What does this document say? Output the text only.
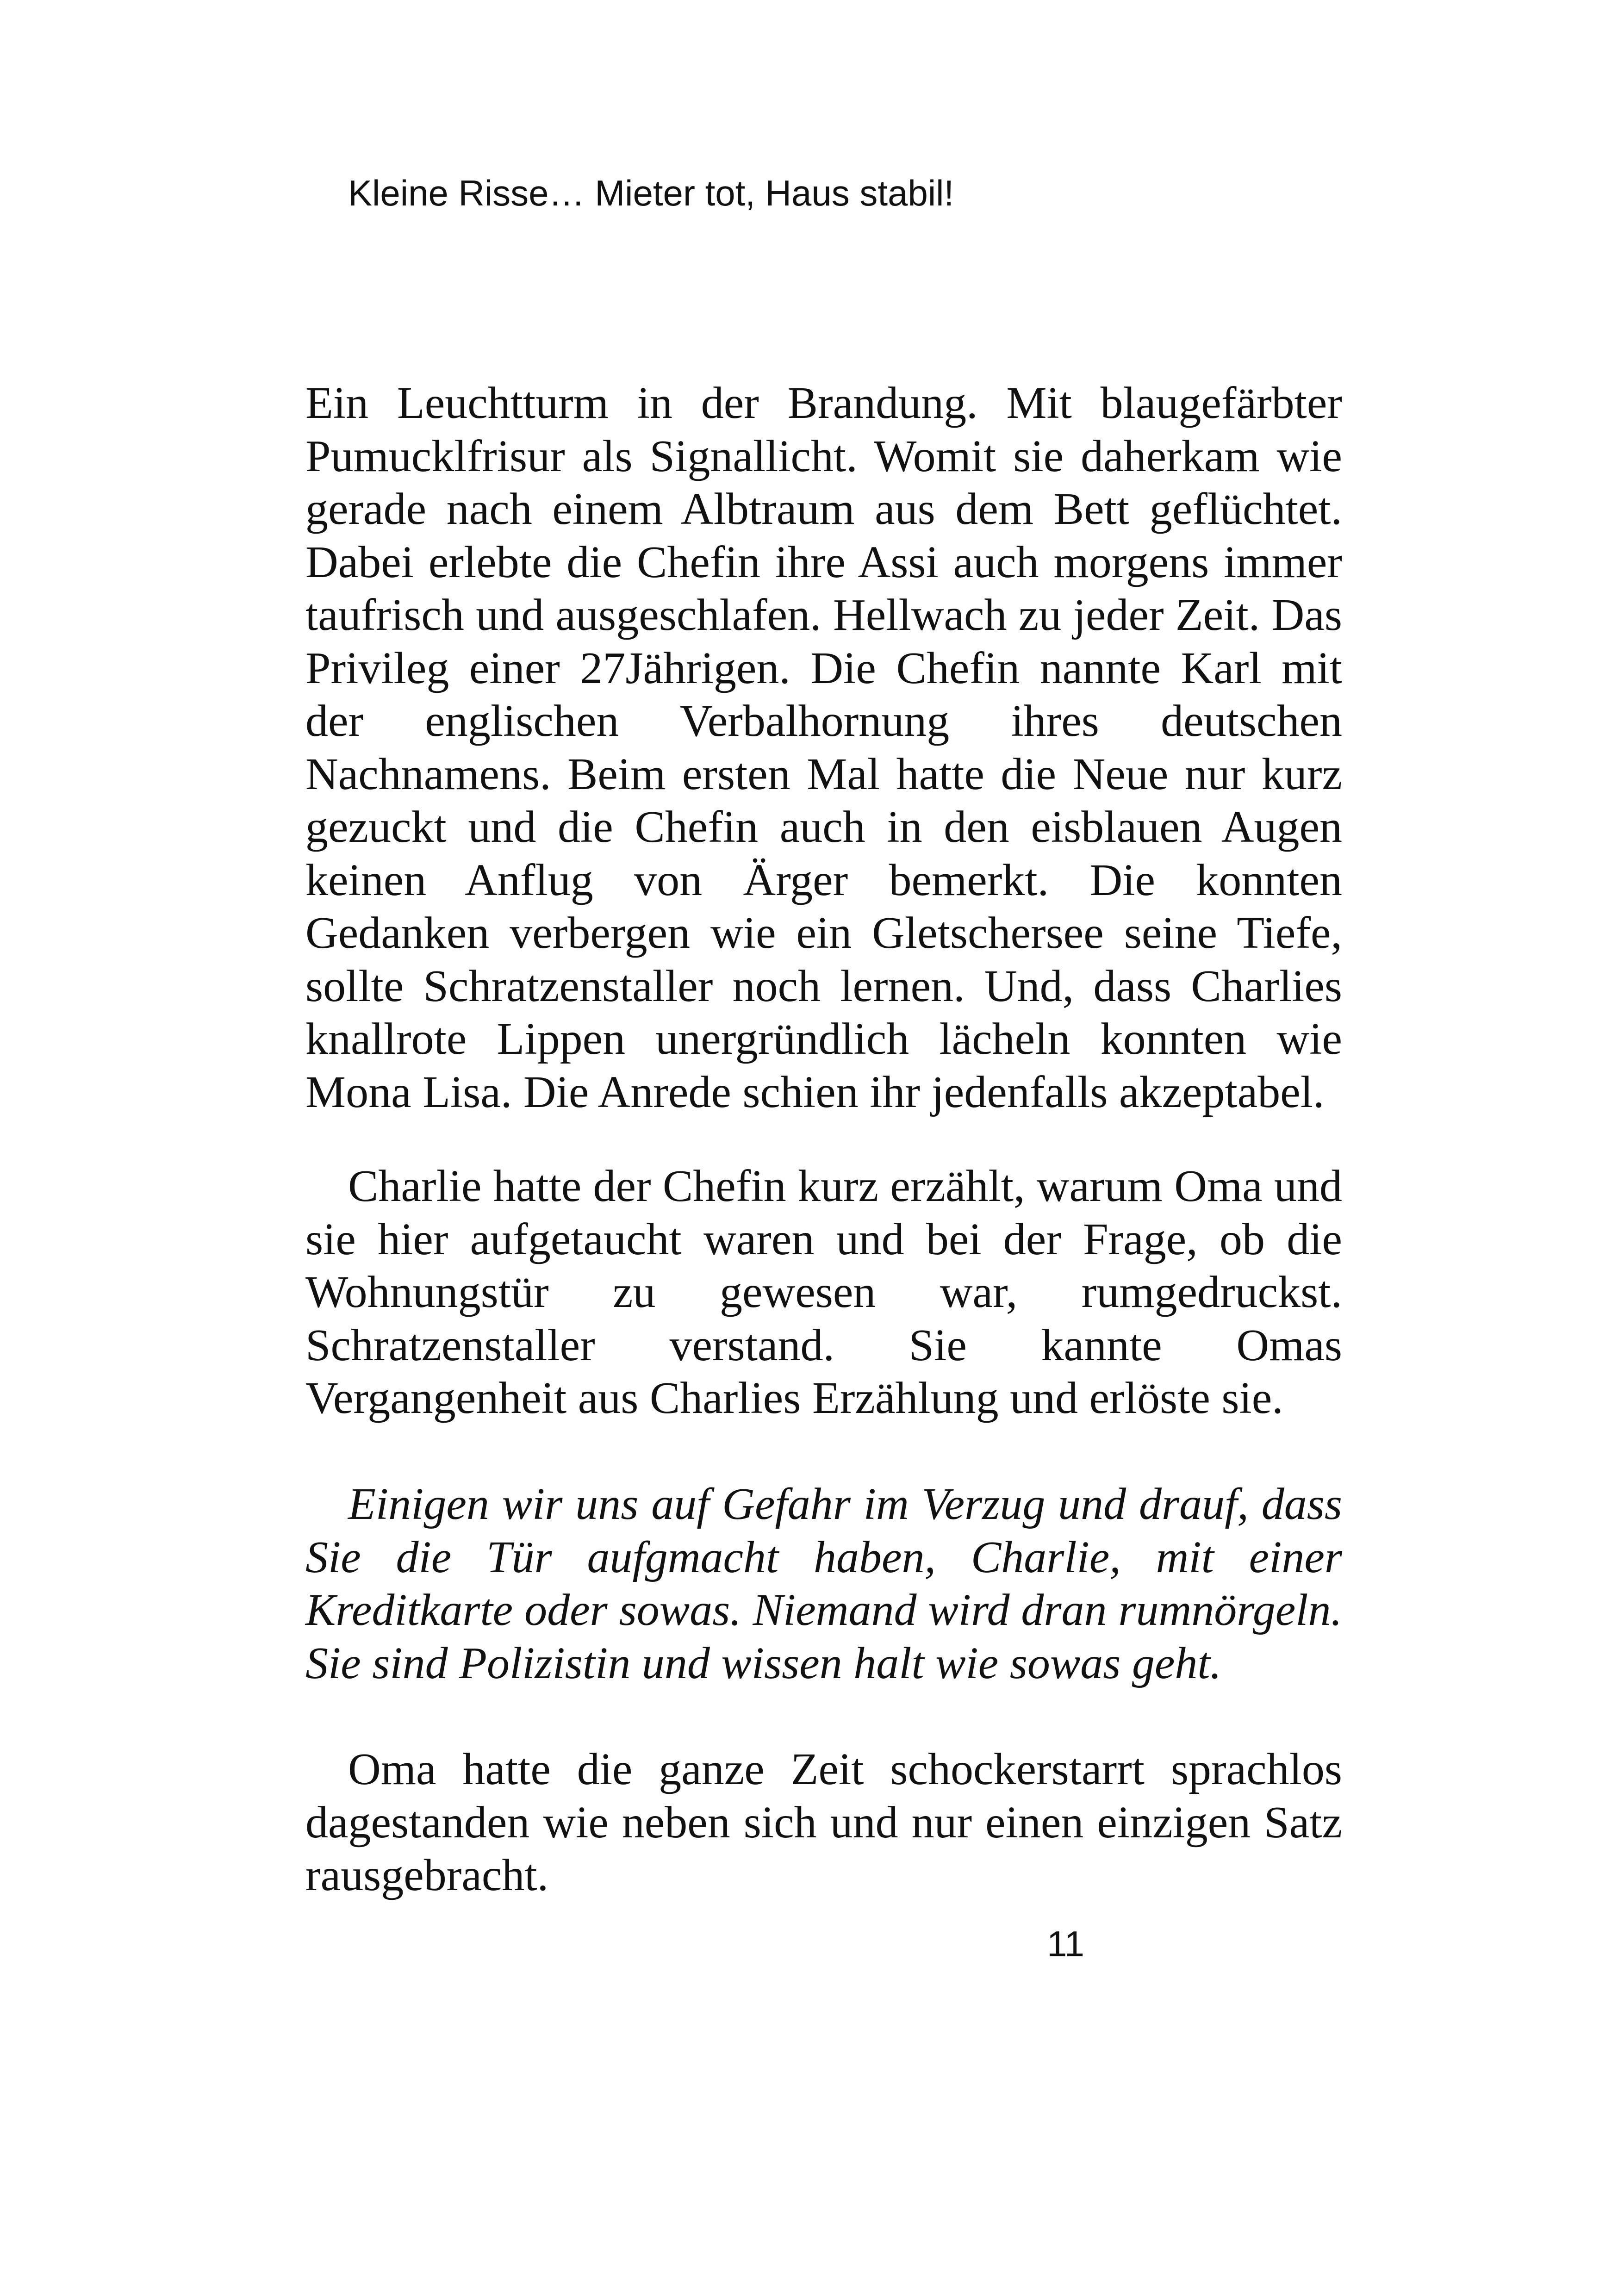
Kleine Risse… Mieter tot, Haus stabil!

Ein Leuchtturm in der Brandung. Mit blaugefärbter Pumucklfrisur als Signallicht. Womit sie daherkam wie gerade nach einem Albtraum aus dem Bett geflüchtet. Dabei erlebte die Chefin ihre Assi auch morgens immer taufrisch und ausgeschlafen. Hellwach zu jeder Zeit. Das Privileg einer 27Jährigen. Die Chefin nannte Karl mit der englischen Verbalhornung ihres deutschen Nachnamens. Beim ersten Mal hatte die Neue nur kurz gezuckt und die Chefin auch in den eisblauen Augen keinen Anflug von Ärger bemerkt. Die konnten Gedanken verbergen wie ein Gletschersee seine Tiefe, sollte Schratzenstaller noch lernen. Und, dass Charlies knallrote Lippen unergründlich lächeln konnten wie Mona Lisa. Die Anrede schien ihr jedenfalls akzeptabel.

Charlie hatte der Chefin kurz erzählt, warum Oma und sie hier aufgetaucht waren und bei der Frage, ob die Wohnungstür zu gewesen war, rumgedruckst. Schratzenstaller verstand. Sie kannte Omas Vergangenheit aus Charlies Erzählung und erlöste sie.

Einigen wir uns auf Gefahr im Verzug und drauf, dass Sie die Tür aufgmacht haben, Charlie, mit einer Kreditkarte oder sowas. Niemand wird dran rumnörgeln. Sie sind Polizistin und wissen halt wie sowas geht.

Oma hatte die ganze Zeit schockerstarrt sprachlos dagestanden wie neben sich und nur einen einzigen Satz rausgebracht.

11
